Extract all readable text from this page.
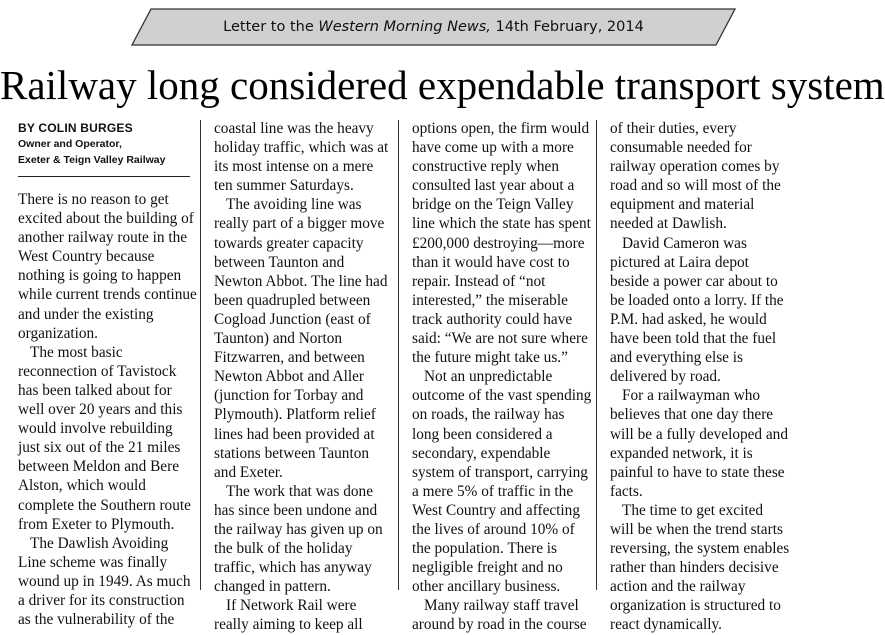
Letter to the Western Morning News, 14th February, 2014
Railway long considered expendable transport system
BY COLIN BURGES
Owner and Operator,
Exeter & Teign Valley Railway
There is no reason to get
excited about the building of
another railway route in the
West Country because
nothing is going to happen
while current trends continue
and under the existing
organization.
The most basic
reconnection of Tavistock
has been talked about for
well over 20 years and this
would involve rebuilding
just six out of the 21 miles
between Meldon and Bere
Alston, which would
complete the Southern route
from Exeter to Plymouth.
The Dawlish Avoiding
Line scheme was finally
wound up in 1949. As much
a driver for its construction
as the vulnerability of the
coastal line was the heavy
holiday traffic, which was at
its most intense on a mere
ten summer Saturdays.
The avoiding line was
really part of a bigger move
towards greater capacity
between Taunton and
Newton Abbot. The line had
been quadrupled between
Cogload Junction (east of
Taunton) and Norton
Fitzwarren, and between
Newton Abbot and Aller
(junction for Torbay and
Plymouth). Platform relief
lines had been provided at
stations between Taunton
and Exeter.
The work that was done
has since been undone and
the railway has given up on
the bulk of the holiday
traffic, which has anyway
changed in pattern.
If Network Rail were
really aiming to keep all
options open, the firm would
have come up with a more
constructive reply when
consulted last year about a
bridge on the Teign Valley
line which the state has spent
£200,000 destroying—more
than it would have cost to
repair. Instead of “not
interested,” the miserable
track authority could have
said: “We are not sure where
the future might take us.”
Not an unpredictable
outcome of the vast spending
on roads, the railway has
long been considered a
secondary, expendable
system of transport, carrying
a mere 5% of traffic in the
West Country and affecting
the lives of around 10% of
the population. There is
negligible freight and no
other ancillary business.
Many railway staff travel
around by road in the course
of their duties, every
consumable needed for
railway operation comes by
road and so will most of the
equipment and material
needed at Dawlish.
David Cameron was
pictured at Laira depot
beside a power car about to
be loaded onto a lorry. If the
P.M. had asked, he would
have been told that the fuel
and everything else is
delivered by road.
For a railwayman who
believes that one day there
will be a fully developed and
expanded network, it is
painful to have to state these
facts.
The time to get excited
will be when the trend starts
reversing, the system enables
rather than hinders decisive
action and the railway
organization is structured to
react dynamically.
